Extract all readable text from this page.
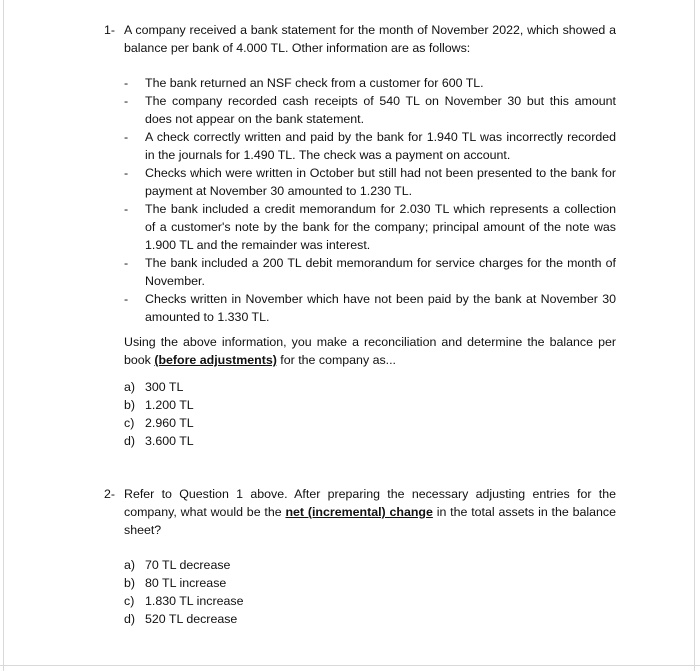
1- A company received a bank statement for the month of November 2022, which showed a balance per bank of 4.000 TL. Other information are as follows:
- The bank returned an NSF check from a customer for 600 TL.
- The company recorded cash receipts of 540 TL on November 30 but this amount does not appear on the bank statement.
- A check correctly written and paid by the bank for 1.940 TL was incorrectly recorded in the journals for 1.490 TL. The check was a payment on account.
- Checks which were written in October but still had not been presented to the bank for payment at November 30 amounted to 1.230 TL.
- The bank included a credit memorandum for 2.030 TL which represents a collection of a customer's note by the bank for the company; principal amount of the note was 1.900 TL and the remainder was interest.
- The bank included a 200 TL debit memorandum for service charges for the month of November.
- Checks written in November which have not been paid by the bank at November 30 amounted to 1.330 TL.
Using the above information, you make a reconciliation and determine the balance per book (before adjustments) for the company as...
a) 300 TL
b) 1.200 TL
c) 2.960 TL
d) 3.600 TL
2- Refer to Question 1 above. After preparing the necessary adjusting entries for the company, what would be the net (incremental) change in the total assets in the balance sheet?
a) 70 TL decrease
b) 80 TL increase
c) 1.830 TL increase
d) 520 TL decrease
